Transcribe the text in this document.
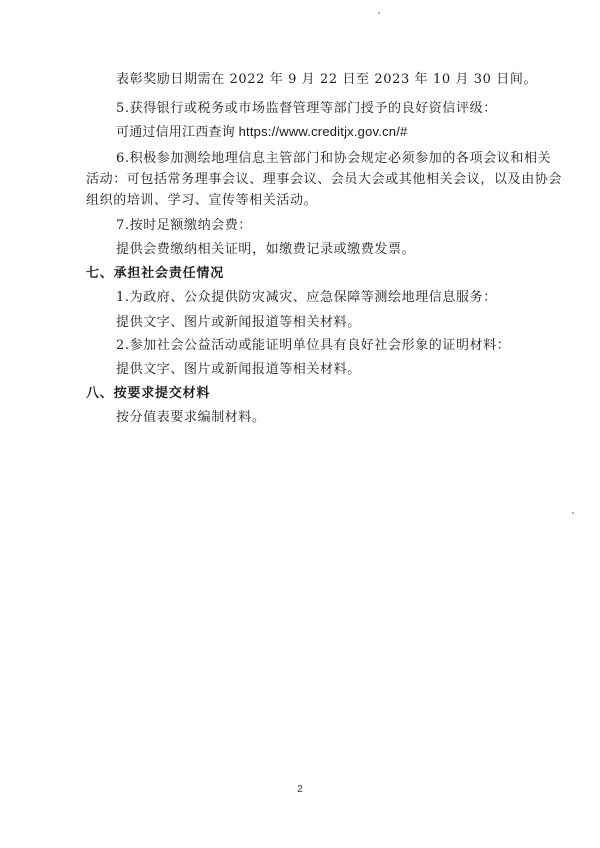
表彰奖励日期需在 2022 年 9 月 22 日至 2023 年 10 月 30 日间。
5.获得银行或税务或市场监督管理等部门授予的良好资信评级：
可通过信用江西查询 https://www.creditjx.gov.cn/#
6.积极参加测绘地理信息主管部门和协会规定必须参加的各项会议和相关
活动：可包括常务理事会议、理事会议、会员大会或其他相关会议，以及由协会
组织的培训、学习、宣传等相关活动。
7.按时足额缴纳会费：
提供会费缴纳相关证明，如缴费记录或缴费发票。
七、承担社会责任情况
1.为政府、公众提供防灾减灾、应急保障等测绘地理信息服务：
提供文字、图片或新闻报道等相关材料。
2.参加社会公益活动或能证明单位具有良好社会形象的证明材料：
提供文字、图片或新闻报道等相关材料。
八、按要求提交材料
按分值表要求编制材料。
2
